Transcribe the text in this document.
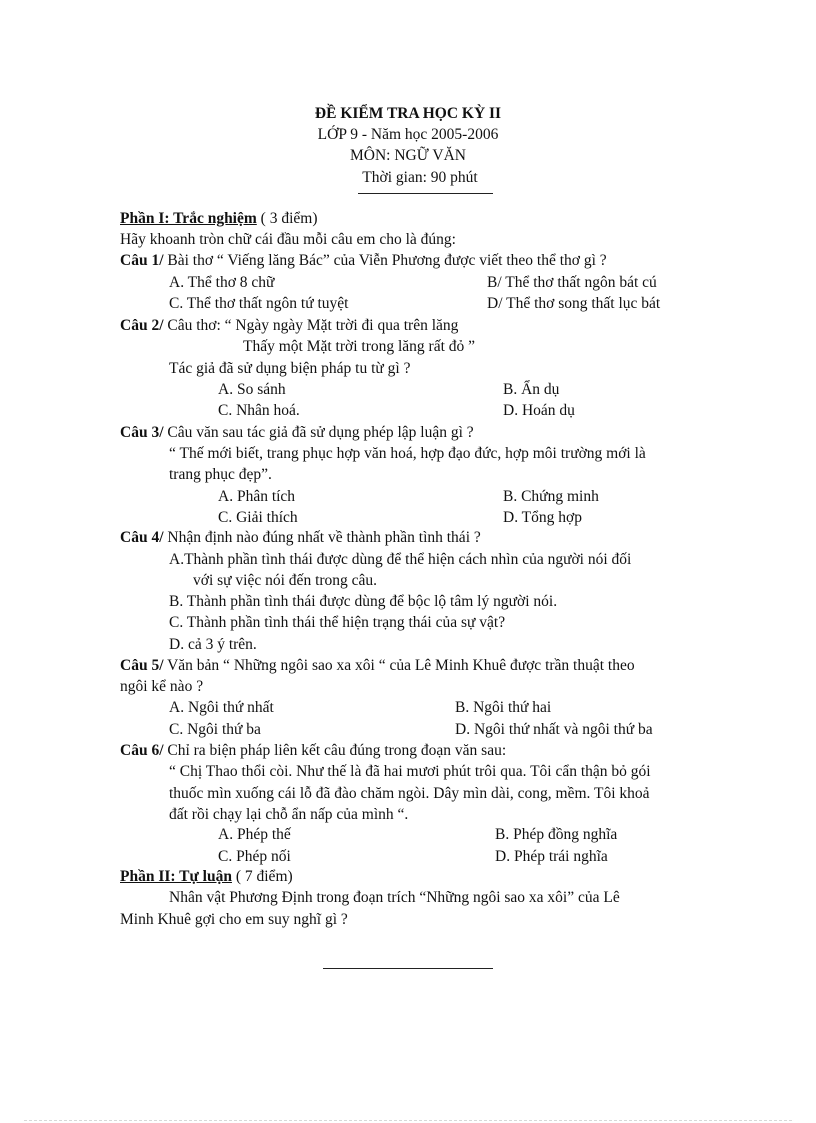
ĐỀ KIỂM TRA HỌC KỲ II
LỚP 9 - Năm học 2005-2006
MÔN: NGỮ VĂN
Thời gian: 90 phút
Phần I: Trắc nghiệm ( 3 điểm)
Hãy khoanh tròn chữ cái đầu mỗi câu em cho là đúng:
Câu 1/ Bài thơ “ Viếng lăng Bác” của Viễn Phương được viết theo thể thơ gì ?
A. Thể thơ 8 chữ	B/ Thể thơ thất ngôn bát cú
C. Thể thơ thất ngôn tứ tuyệt	D/ Thể thơ song thất lục bát
Câu 2/ Câu thơ: “ Ngày ngày Mặt trời đi qua trên lăng
Thấy một Mặt trời trong lăng rất đỏ ”
Tác giả đã sử dụng biện pháp tu từ gì ?
A. So sánh	B. Ẩn dụ
C. Nhân hoá.	D. Hoán dụ
Câu 3/ Câu văn sau tác giả đã sử dụng phép lập luận gì ?
“ Thế mới biết, trang phục hợp văn hoá, hợp đạo đức, hợp môi trường mới là
trang phục đẹp”.
A. Phân tích	B. Chứng minh
C. Giải thích	D. Tổng hợp
Câu 4/ Nhận định nào đúng nhất về thành phần tình thái ?
A.Thành phần tình thái được dùng để thể hiện cách nhìn của người nói đối
với sự việc nói đến trong câu.
B. Thành phần tình thái được dùng để bộc lộ tâm lý người nói.
C. Thành phần tình thái thể hiện trạng thái của sự vật?
D. cả 3 ý trên.
Câu 5/ Văn bản “ Những ngôi sao xa xôi “ của Lê Minh Khuê được trần thuật theo
ngôi kể nào ?
A. Ngôi thứ nhất	B. Ngôi thứ hai
C. Ngôi thứ ba	D. Ngôi thứ nhất và ngôi thứ ba
Câu 6/ Chỉ ra biện pháp liên kết câu đúng trong đoạn văn sau:
“ Chị Thao thổi còi. Như thế là đã hai mươi phút trôi qua. Tôi cẩn thận bỏ gói
thuốc mìn xuống cái lỗ đã đào chăm ngòi. Dây mìn dài, cong, mềm. Tôi khoả
đất rồi chạy lại chỗ ẩn nấp của mình “.
A. Phép thế	B. Phép đồng nghĩa
C. Phép nối	D. Phép trái nghĩa
Phần II: Tự luận ( 7 điểm)
Nhân vật Phương Định trong đoạn trích “Những ngôi sao xa xôi” của Lê
Minh Khuê gợi cho em suy nghĩ gì ?
